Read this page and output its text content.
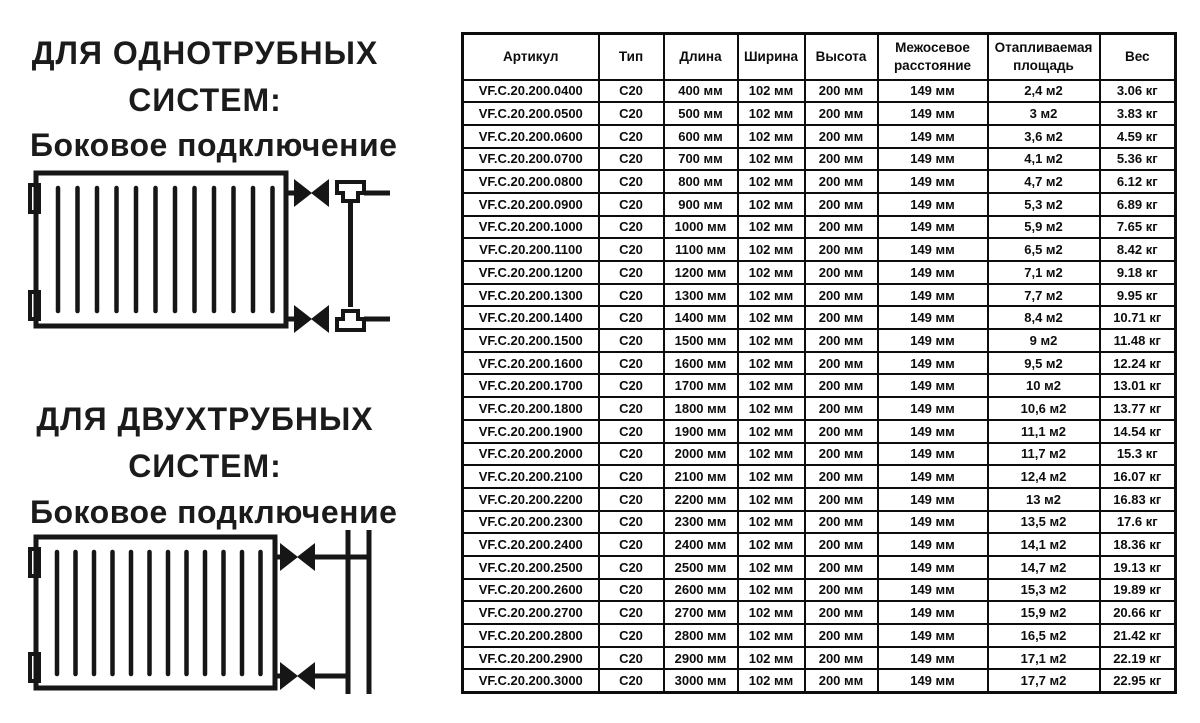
ДЛЯ ОДНОТРУБНЫХ
СИСТЕМ:
Боковое подключение
ДЛЯ ДВУХТРУБНЫХ
СИСТЕМ:
Боковое подключение
Артикул	Тип	Длина	Ширина	Высота	Межосевое расстояние	Отапливаемая площадь	Вес
VF.C.20.200.0400	C20	400 мм	102 мм	200 мм	149 мм	2,4 м2	3.06 кг
VF.C.20.200.0500	C20	500 мм	102 мм	200 мм	149 мм	3 м2	3.83 кг
VF.C.20.200.0600	C20	600 мм	102 мм	200 мм	149 мм	3,6 м2	4.59 кг
VF.C.20.200.0700	C20	700 мм	102 мм	200 мм	149 мм	4,1 м2	5.36 кг
VF.C.20.200.0800	C20	800 мм	102 мм	200 мм	149 мм	4,7 м2	6.12 кг
VF.C.20.200.0900	C20	900 мм	102 мм	200 мм	149 мм	5,3 м2	6.89 кг
VF.C.20.200.1000	C20	1000 мм	102 мм	200 мм	149 мм	5,9 м2	7.65 кг
VF.C.20.200.1100	C20	1100 мм	102 мм	200 мм	149 мм	6,5 м2	8.42 кг
VF.C.20.200.1200	C20	1200 мм	102 мм	200 мм	149 мм	7,1 м2	9.18 кг
VF.C.20.200.1300	C20	1300 мм	102 мм	200 мм	149 мм	7,7 м2	9.95 кг
VF.C.20.200.1400	C20	1400 мм	102 мм	200 мм	149 мм	8,4 м2	10.71 кг
VF.C.20.200.1500	C20	1500 мм	102 мм	200 мм	149 мм	9 м2	11.48 кг
VF.C.20.200.1600	C20	1600 мм	102 мм	200 мм	149 мм	9,5 м2	12.24 кг
VF.C.20.200.1700	C20	1700 мм	102 мм	200 мм	149 мм	10 м2	13.01 кг
VF.C.20.200.1800	C20	1800 мм	102 мм	200 мм	149 мм	10,6 м2	13.77 кг
VF.C.20.200.1900	C20	1900 мм	102 мм	200 мм	149 мм	11,1 м2	14.54 кг
VF.C.20.200.2000	C20	2000 мм	102 мм	200 мм	149 мм	11,7 м2	15.3 кг
VF.C.20.200.2100	C20	2100 мм	102 мм	200 мм	149 мм	12,4 м2	16.07 кг
VF.C.20.200.2200	C20	2200 мм	102 мм	200 мм	149 мм	13 м2	16.83 кг
VF.C.20.200.2300	C20	2300 мм	102 мм	200 мм	149 мм	13,5 м2	17.6 кг
VF.C.20.200.2400	C20	2400 мм	102 мм	200 мм	149 мм	14,1 м2	18.36 кг
VF.C.20.200.2500	C20	2500 мм	102 мм	200 мм	149 мм	14,7 м2	19.13 кг
VF.C.20.200.2600	C20	2600 мм	102 мм	200 мм	149 мм	15,3 м2	19.89 кг
VF.C.20.200.2700	C20	2700 мм	102 мм	200 мм	149 мм	15,9 м2	20.66 кг
VF.C.20.200.2800	C20	2800 мм	102 мм	200 мм	149 мм	16,5 м2	21.42 кг
VF.C.20.200.2900	C20	2900 мм	102 мм	200 мм	149 мм	17,1 м2	22.19 кг
VF.C.20.200.3000	C20	3000 мм	102 мм	200 мм	149 мм	17,7 м2	22.95 кг
